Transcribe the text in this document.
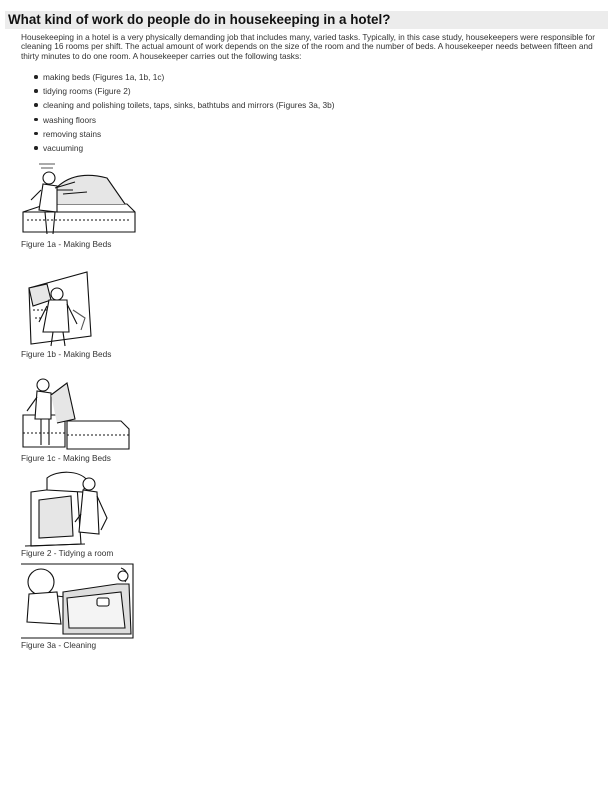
What kind of work do people do in housekeeping in a hotel?

Housekeeping in a hotel is a very physically demanding job that includes many, varied tasks. Typically, in this case study, housekeepers were responsible for cleaning 16 rooms per shift. The actual amount of work depends on the size of the room and the number of beds. A housekeeper needs between fifteen and thirty minutes to do one room. A housekeeper carries out the following tasks:

making beds (Figures 1a, 1b, 1c)
tidying rooms (Figure 2)
cleaning and polishing toilets, taps, sinks, bathtubs and mirrors (Figures 3a, 3b)
washing floors
removing stains
vacuuming
Figure 1a - Making Beds
Figure 1b - Making Beds
Figure 1c - Making Beds
Figure 2 - Tidying a room
Figure 3a - Cleaning
